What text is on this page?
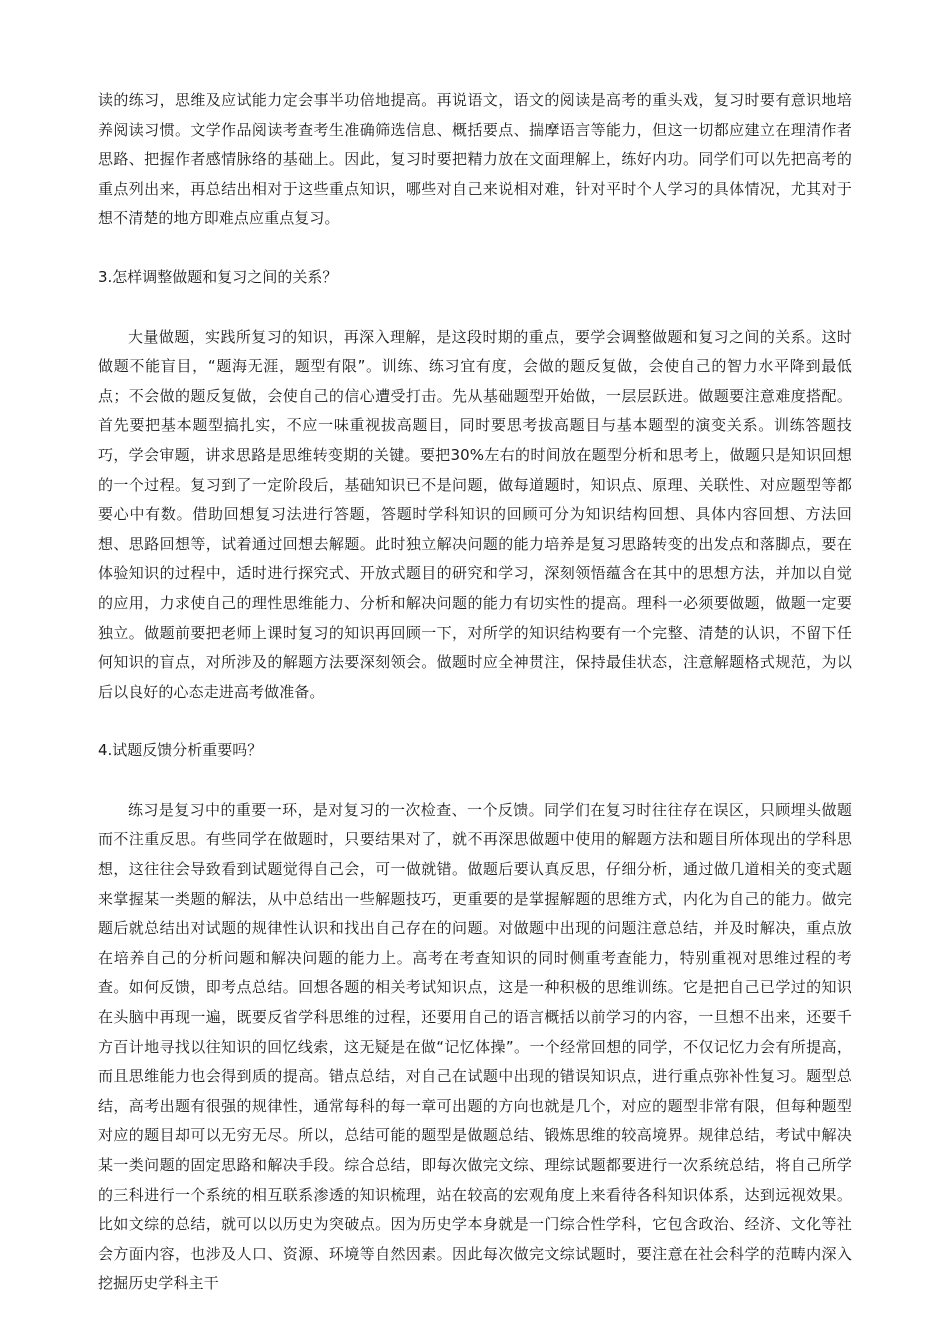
读的练习，思维及应试能力定会事半功倍地提高。再说语文，语文的阅读是高考的重头戏，复习时要有意识地培养阅读习惯。文学作品阅读考查考生准确筛选信息、概括要点、揣摩语言等能力，但这一切都应建立在理清作者思路、把握作者感情脉络的基础上。因此，复习时要把精力放在文面理解上，练好内功。同学们可以先把高考的重点列出来，再总结出相对于这些重点知识，哪些对自己来说相对难，针对平时个人学习的具体情况，尤其对于想不清楚的地方即难点应重点复习。

3.怎样调整做题和复习之间的关系？

大量做题，实践所复习的知识，再深入理解，是这段时期的重点，要学会调整做题和复习之间的关系。这时做题不能盲目，“题海无涯，题型有限”。训练、练习宜有度，会做的题反复做，会使自己的智力水平降到最低点；不会做的题反复做，会使自己的信心遭受打击。先从基础题型开始做，一层层跃进。做题要注意难度搭配。首先要把基本题型搞扎实，不应一味重视拔高题目，同时要思考拔高题目与基本题型的演变关系。训练答题技巧，学会审题，讲求思路是思维转变期的关键。要把30%左右的时间放在题型分析和思考上，做题只是知识回想的一个过程。复习到了一定阶段后，基础知识已不是问题，做每道题时，知识点、原理、关联性、对应题型等都要心中有数。借助回想复习法进行答题，答题时学科知识的回顾可分为知识结构回想、具体内容回想、方法回想、思路回想等，试着通过回想去解题。此时独立解决问题的能力培养是复习思路转变的出发点和落脚点，要在体验知识的过程中，适时进行探究式、开放式题目的研究和学习，深刻领悟蕴含在其中的思想方法，并加以自觉的应用，力求使自己的理性思维能力、分析和解决问题的能力有切实性的提高。理科一必须要做题，做题一定要独立。做题前要把老师上课时复习的知识再回顾一下，对所学的知识结构要有一个完整、清楚的认识，不留下任何知识的盲点，对所涉及的解题方法要深刻领会。做题时应全神贯注，保持最佳状态，注意解题格式规范，为以后以良好的心态走进高考做准备。

4.试题反馈分析重要吗？

练习是复习中的重要一环，是对复习的一次检查、一个反馈。同学们在复习时往往存在误区，只顾埋头做题而不注重反思。有些同学在做题时，只要结果对了，就不再深思做题中使用的解题方法和题目所体现出的学科思想，这往往会导致看到试题觉得自己会，可一做就错。做题后要认真反思，仔细分析，通过做几道相关的变式题来掌握某一类题的解法，从中总结出一些解题技巧，更重要的是掌握解题的思维方式，内化为自己的能力。做完题后就总结出对试题的规律性认识和找出自己存在的问题。对做题中出现的问题注意总结，并及时解决，重点放在培养自己的分析问题和解决问题的能力上。高考在考查知识的同时侧重考查能力，特别重视对思维过程的考查。如何反馈，即考点总结。回想各题的相关考试知识点，这是一种积极的思维训练。它是把自己已学过的知识在头脑中再现一遍，既要反省学科思维的过程，还要用自己的语言概括以前学习的内容，一旦想不出来，还要千方百计地寻找以往知识的回忆线索，这无疑是在做“记忆体操”。一个经常回想的同学，不仅记忆力会有所提高，而且思维能力也会得到质的提高。错点总结，对自己在试题中出现的错误知识点，进行重点弥补性复习。题型总结，高考出题有很强的规律性，通常每科的每一章可出题的方向也就是几个，对应的题型非常有限，但每种题型对应的题目却可以无穷无尽。所以，总结可能的题型是做题总结、锻炼思维的较高境界。规律总结，考试中解决某一类问题的固定思路和解决手段。综合总结，即每次做完文综、理综试题都要进行一次系统总结，将自己所学的三科进行一个系统的相互联系渗透的知识梳理，站在较高的宏观角度上来看待各科知识体系，达到远视效果。比如文综的总结，就可以以历史为突破点。因为历史学本身就是一门综合性学科，它包含政治、经济、文化等社会方面内容，也涉及人口、资源、环境等自然因素。因此每次做完文综试题时，要注意在社会科学的范畴内深入挖掘历史学科主干
